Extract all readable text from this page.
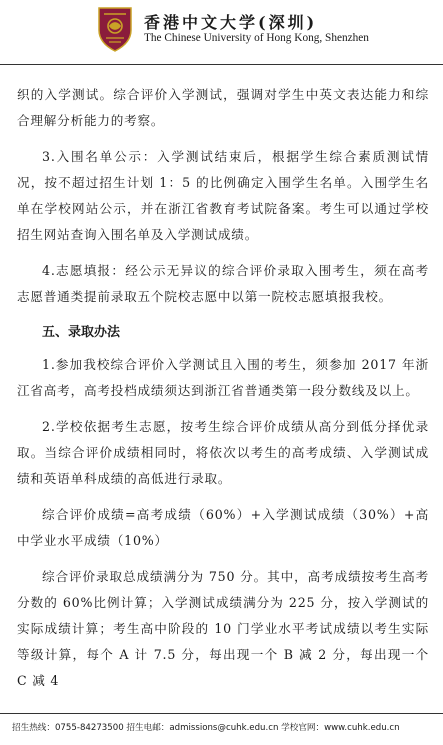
香港中文大学(深圳)
The Chinese University of Hong Kong, Shenzhen

织的入学测试。综合评价入学测试，强调对学生中英文表达能力和综合理解分析能力的考察。

3.入围名单公示：入学测试结束后，根据学生综合素质测试情况，按不超过招生计划 1：5 的比例确定入围学生名单。入围学生名单在学校网站公示，并在浙江省教育考试院备案。考生可以通过学校招生网站查询入围名单及入学测试成绩。

4.志愿填报：经公示无异议的综合评价录取入围考生，须在高考志愿普通类提前录取五个院校志愿中以第一院校志愿填报我校。

五、录取办法

1.参加我校综合评价入学测试且入围的考生，须参加 2017 年浙江省高考，高考投档成绩须达到浙江省普通类第一段分数线及以上。

2.学校依据考生志愿，按考生综合评价成绩从高分到低分择优录取。当综合评价成绩相同时，将依次以考生的高考成绩、入学测试成绩和英语单科成绩的高低进行录取。

综合评价成绩=高考成绩（60%）+入学测试成绩（30%）+高中学业水平成绩（10%）

综合评价录取总成绩满分为 750 分。其中，高考成绩按考生高考分数的 60%比例计算；入学测试成绩满分为 225 分，按入学测试的实际成绩计算；考生高中阶段的 10 门学业水平考试成绩以考生实际等级计算，每个 A 计 7.5 分，每出现一个 B 减 2 分，每出现一个 C 减 4

招生热线：0755-84273500 招生电邮：admissions@cuhk.edu.cn 学校官网：www.cuhk.edu.cn
